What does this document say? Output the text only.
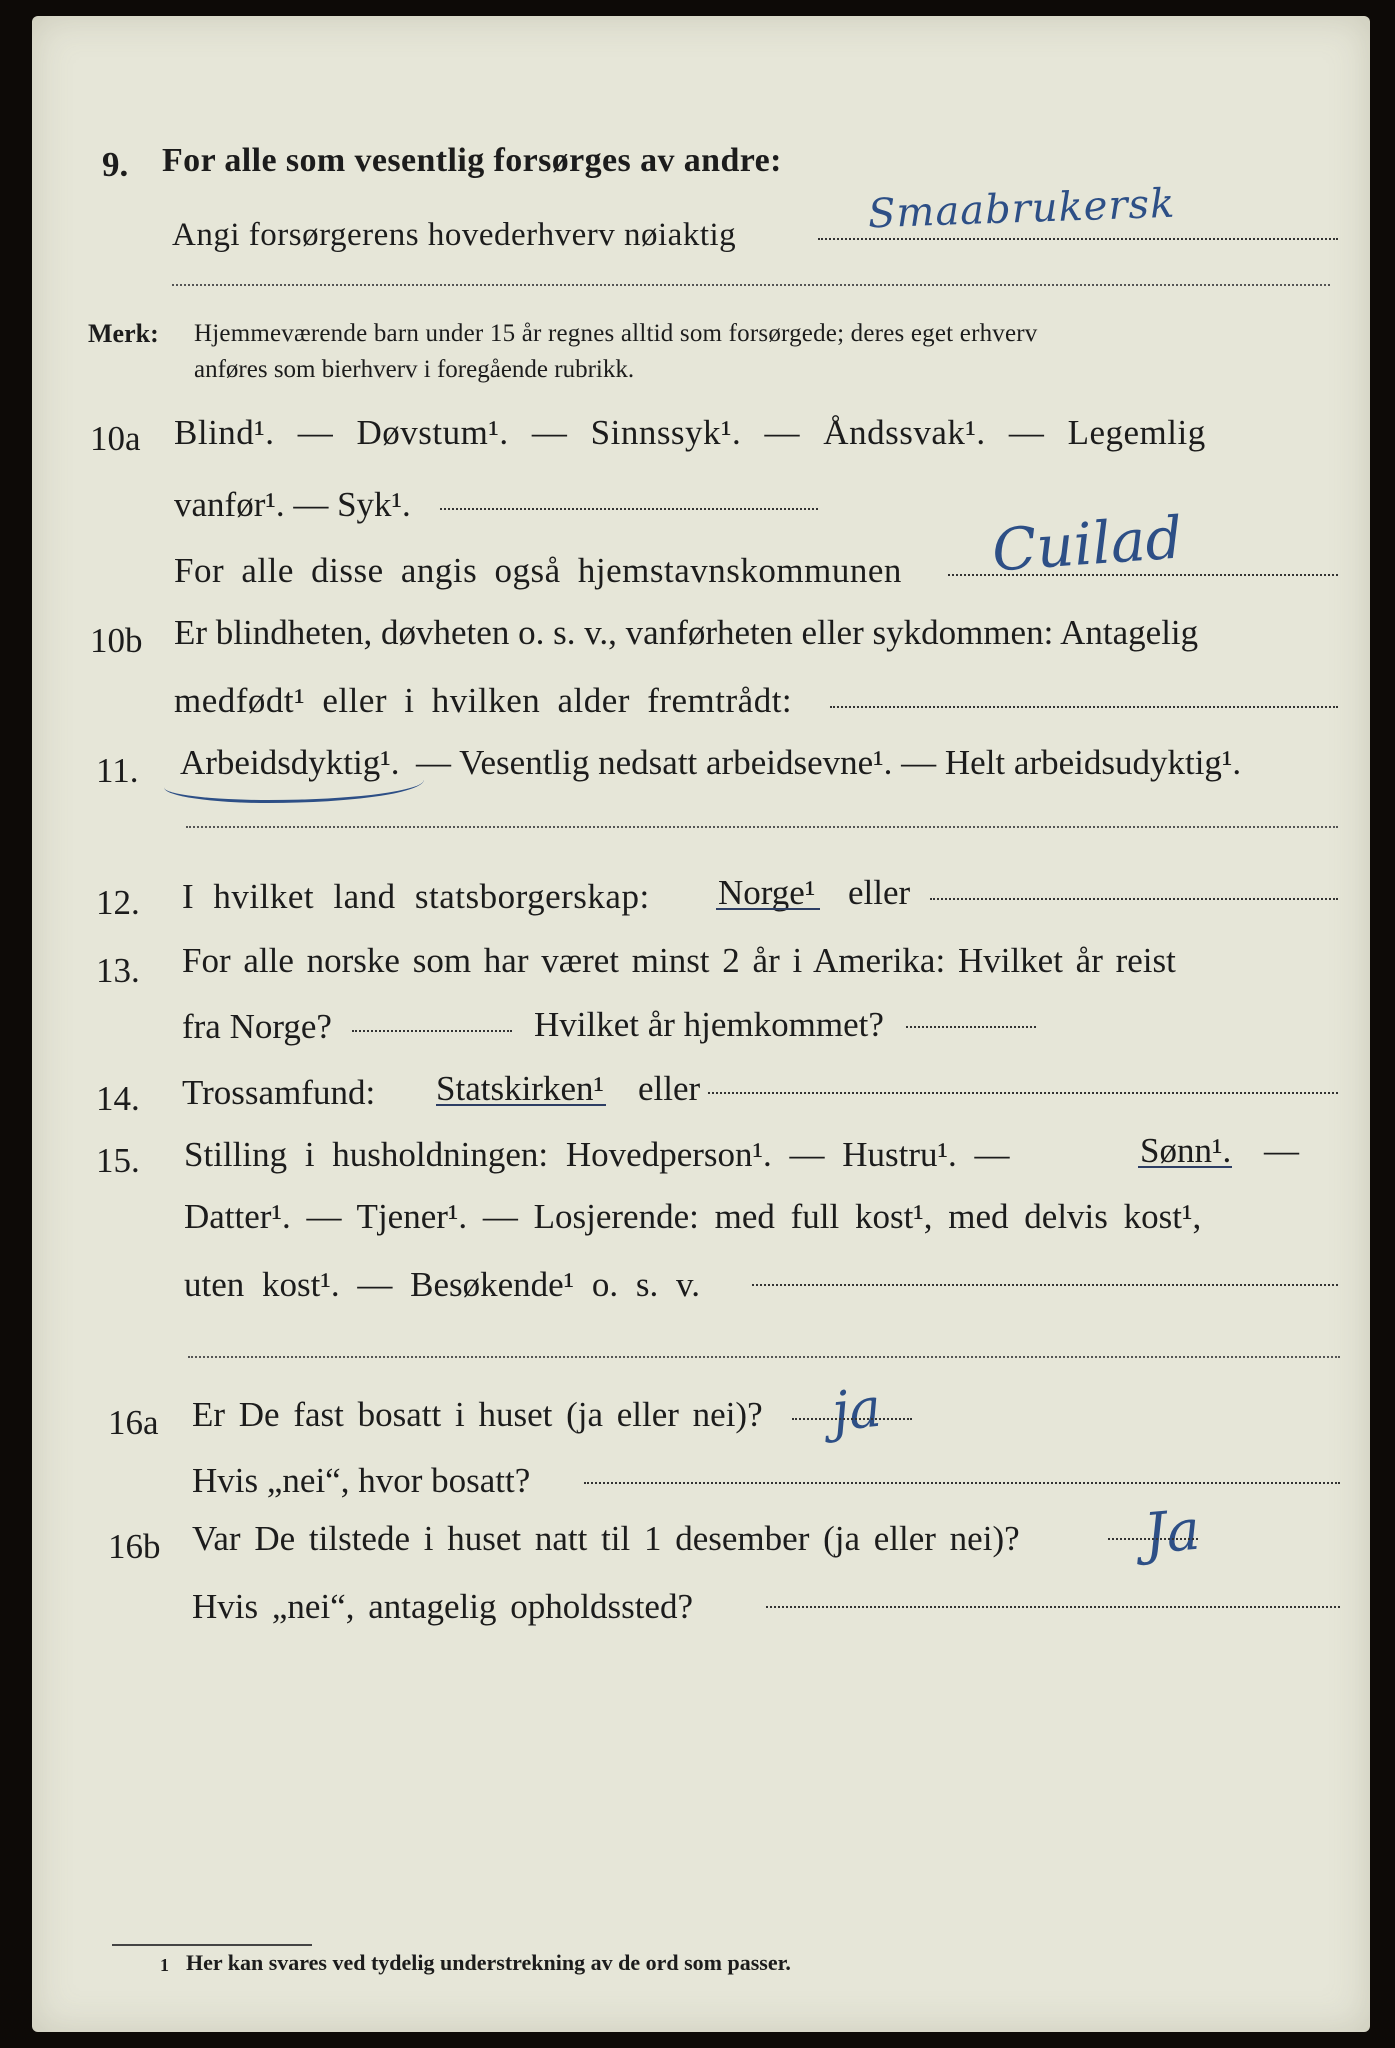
9. For alle som vesentlig forsørges av andre:
Angi forsørgerens hovederhverv nøiaktig	Smaabrukersk
Merk: Hjemmeværende barn under 15 år regnes alltid som forsørgede; deres eget erhverv
anføres som bierhverv i foregående rubrikk.
10a Blind¹. — Døvstum¹. — Sinnssyk¹. — Åndssvak¹. — Legemlig
vanfør¹. — Syk¹.
For alle disse angis også hjemstavnskommunen Cuilad
10b Er blindheten, døvheten o. s. v., vanførheten eller sykdommen: Antagelig
medfødt¹ eller i hvilken alder fremtrådt:
11. Arbeidsdyktig¹. — Vesentlig nedsatt arbeidsevne¹. — Helt arbeidsudyktig¹.
12. I hvilket land statsborgerskap: Norge¹ eller
13. For alle norske som har været minst 2 år i Amerika: Hvilket år reist
fra Norge?	Hvilket år hjemkommet?
14. Trossamfund: Statskirken¹ eller
15. Stilling i husholdningen: Hovedperson¹. — Hustru¹. —	Sønn¹. —
Datter¹. — Tjener¹. — Losjerende: med full kost¹, med delvis kost¹,
uten kost¹. — Besøkende¹ o. s. v.
16a Er De fast bosatt i huset (ja eller nei)? ja
Hvis „nei“, hvor bosatt?
16b Var De tilstede i huset natt til 1 desember (ja eller nei)? Ja
Hvis „nei“, antagelig opholdssted?
1 Her kan svares ved tydelig understrekning av de ord som passer.
